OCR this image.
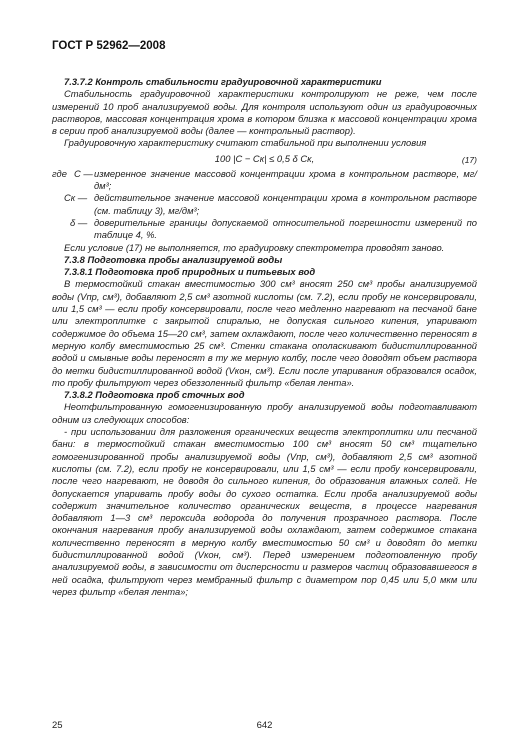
ГОСТ Р 52962—2008

7.3.7.2 Контроль стабильности градуировочной характеристики

Стабильность градуировочной характеристики контролируют не реже, чем после измерений 10 проб анализируемой воды. Для контроля используют один из градуировочных растворов, массовая концентрация хрома в котором близка к массовой концентрации хрома в серии проб анализируемой воды (далее — контрольный раствор).

Градуировочную характеристику считают стабильной при выполнении условия

100 |C − Cк| ≤ 0,5 δ Cк,	(17)
где C — измеренное значение массовой концентрации хрома в контрольном растворе, мг/дм³;
Cк — действительное значение массовой концентрации хрома в контрольном растворе (см. таблицу 3), мг/дм³;
δ — доверительные границы допускаемой относительной погрешности измерений по таблице 4, %.

Если условие (17) не выполняется, то градуировку спектрометра проводят заново.

7.3.8 Подготовка пробы анализируемой воды

7.3.8.1 Подготовка проб природных и питьевых вод

В термостойкий стакан вместимостью 300 см³ вносят 250 см³ пробы анализируемой воды (Vпр, см³), добавляют 2,5 см³ азотной кислоты (см. 7.2), если пробу не консервировали, или 1,5 см³ — если пробу консервировали, после чего медленно нагревают на песчаной бане или электроплитке с закрытой спиралью, не допуская сильного кипения, упаривают содержимое до объема 15—20 см³, затем охлаждают, после чего количественно переносят в мерную колбу вместимостью 25 см³. Стенки стакана ополаскивают бидистиллированной водой и смывные воды переносят в ту же мерную колбу, после чего доводят объем раствора до метки бидистиллированной водой (Vкон, см³). Если после упаривания образовался осадок, то пробу фильтруют через обеззоленный фильтр «белая лента».

7.3.8.2 Подготовка проб сточных вод

Неотфильтрованную гомогенизированную пробу анализируемой воды подготавливают одним из следующих способов:

- при использовании для разложения органических веществ электроплитки или песчаной бани: в термостойкий стакан вместимостью 100 см³ вносят 50 см³ тщательно гомогенизированной пробы анализируемой воды (Vпр, см³), добавляют 2,5 см³ азотной кислоты (см. 7.2), если пробу не консервировали, или 1,5 см³ — если пробу консервировали, после чего нагревают, не доводя до сильного кипения, до образования влажных солей. Не допускается упаривать пробу воды до сухого остатка. Если проба анализируемой воды содержит значительное количество органических веществ, в процессе нагревания добавляют 1—3 см³ пероксида водорода до получения прозрачного раствора. После окончания нагревания пробу анализируемой воды охлаждают, затем содержимое стакана количественно переносят в мерную колбу вместимостью 50 см³ и доводят до метки бидистиллированной водой (Vкон, см³). Перед измерением подготовленную пробу анализируемой воды, в зависимости от дисперсности и размеров частиц образовавшегося в ней осадка, фильтруют через мембранный фильтр с диаметром пор 0,45 или 5,0 мкм или через фильтр «белая лента»;

25	642
